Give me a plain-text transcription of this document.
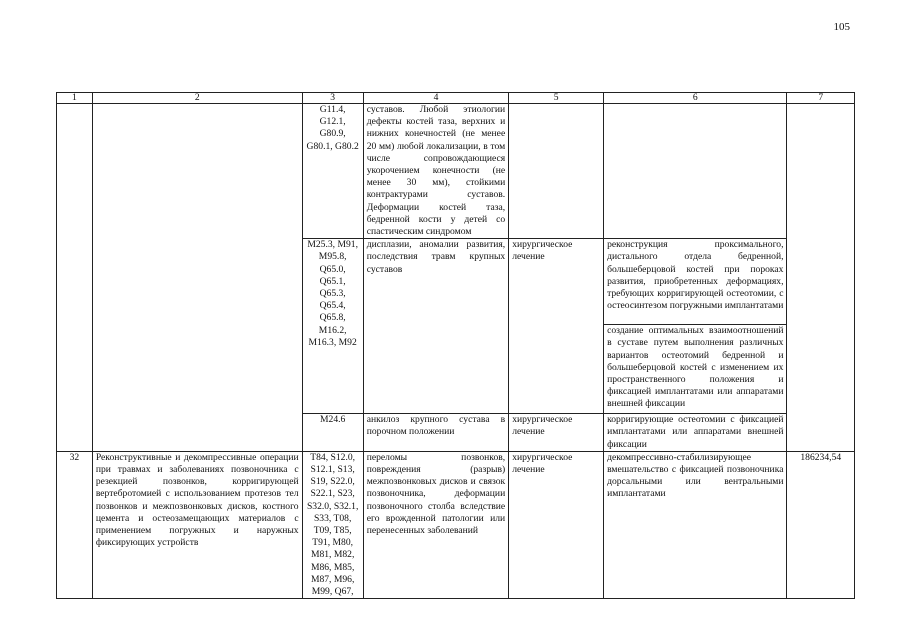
105
1	2	3	4	5	6	7
		G11.4, G12.1, G80.9, G80.1, G80.2	суставов. Любой этиологии дефекты костей таза, верхних и нижних конечностей (не менее 20 мм) любой локализации, в том числе сопровождающиеся укорочением конечности (не менее 30 мм), стойкими контрактурами суставов. Деформации костей таза, бедренной кости у детей со спастическим синдромом			
		M25.3, M91, M95.8, Q65.0, Q65.1, Q65.3, Q65.4, Q65.8, M16.2, M16.3, M92	дисплазии, аномалии развития, последствия травм крупных суставов	хирургическое лечение	реконструкция проксимального, дистального отдела бедренной, большеберцовой костей при пороках развития, приобретенных деформациях, требующих корригирующей остеотомии, с остеосинтезом погружными имплантатами
создание оптимальных взаимоотношений в суставе путем выполнения различных вариантов остеотомий бедренной и большеберцовой костей с изменением их пространственного положения и фиксацией имплантатами или аппаратами внешней фиксации	

		M24.6	анкилоз крупного сустава в порочном положении	хирургическое лечение	корригирующие остеотомии с фиксацией имплантатами или аппаратами внешней фиксации	
32	Реконструктивные и декомпрессивные операции при травмах и заболеваниях позвоночника с резекцией позвонков, корригирующей вертебротомией с использованием протезов тел позвонков и межпозвонковых дисков, костного цемента и остеозамещающих материалов с применением погружных и наружных фиксирующих устройств	T84, S12.0, S12.1, S13, S19, S22.0, S22.1, S23, S32.0, S32.1, S33, T08, T09, T85, T91, M80, M81, M82, M86, M85, M87, M96, M99, Q67,	переломы позвонков, повреждения (разрыв) межпозвонковых дисков и связок позвоночника, деформации позвоночного столба вследствие его врожденной патологии или перенесенных заболеваний	хирургическое лечение	декомпрессивно-стабилизирующее вмешательство с фиксацией позвоночника дорсальными или вентральными имплантатами	186234,54
